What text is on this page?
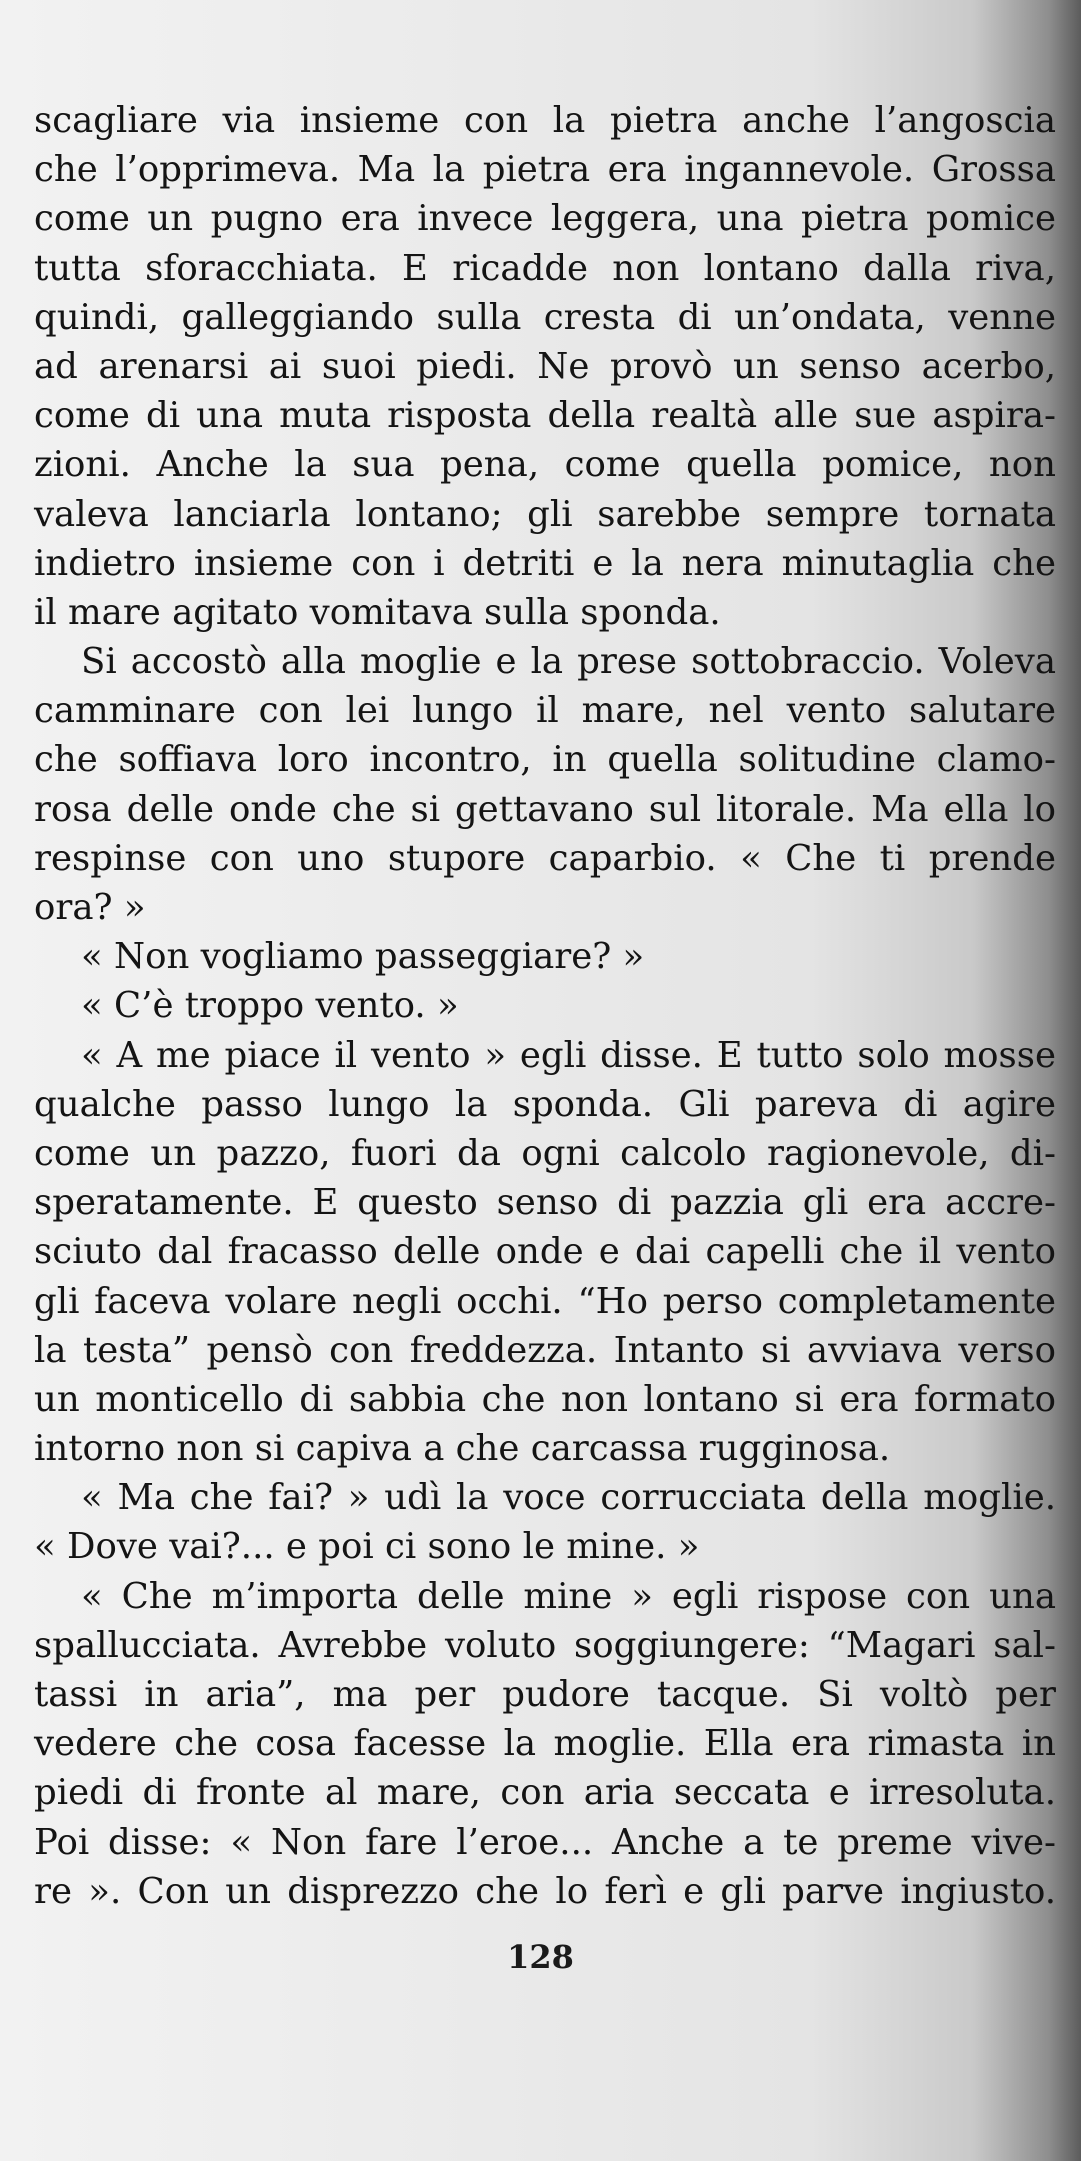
scagliare via insieme con la pietra anche l’angoscia
che l’opprimeva. Ma la pietra era ingannevole. Grossa
come un pugno era invece leggera, una pietra pomice
tutta sforacchiata. E ricadde non lontano dalla riva,
quindi, galleggiando sulla cresta di un’ondata, venne
ad arenarsi ai suoi piedi. Ne provò un senso acerbo,
come di una muta risposta della realtà alle sue aspira-
zioni. Anche la sua pena, come quella pomice, non
valeva lanciarla lontano; gli sarebbe sempre tornata
indietro insieme con i detriti e la nera minutaglia che
il mare agitato vomitava sulla sponda.
Si accostò alla moglie e la prese sottobraccio. Voleva
camminare con lei lungo il mare, nel vento salutare
che soffiava loro incontro, in quella solitudine clamo-
rosa delle onde che si gettavano sul litorale. Ma ella lo
respinse con uno stupore caparbio. « Che ti prende
ora? »
« Non vogliamo passeggiare? »
« C’è troppo vento. »
« A me piace il vento » egli disse. E tutto solo mosse
qualche passo lungo la sponda. Gli pareva di agire
come un pazzo, fuori da ogni calcolo ragionevole, di-
speratamente. E questo senso di pazzia gli era accre-
sciuto dal fracasso delle onde e dai capelli che il vento
gli faceva volare negli occhi. “Ho perso completamente
la testa” pensò con freddezza. Intanto si avviava verso
un monticello di sabbia che non lontano si era formato
intorno non si capiva a che carcassa rugginosa.
« Ma che fai? » udì la voce corrucciata della moglie.
« Dove vai?... e poi ci sono le mine. »
« Che m’importa delle mine » egli rispose con una
spallucciata. Avrebbe voluto soggiungere: “Magari sal-
tassi in aria”, ma per pudore tacque. Si voltò per
vedere che cosa facesse la moglie. Ella era rimasta in
piedi di fronte al mare, con aria seccata e irresoluta.
Poi disse: « Non fare l’eroe... Anche a te preme vive-
re ». Con un disprezzo che lo ferì e gli parve ingiusto.
128
